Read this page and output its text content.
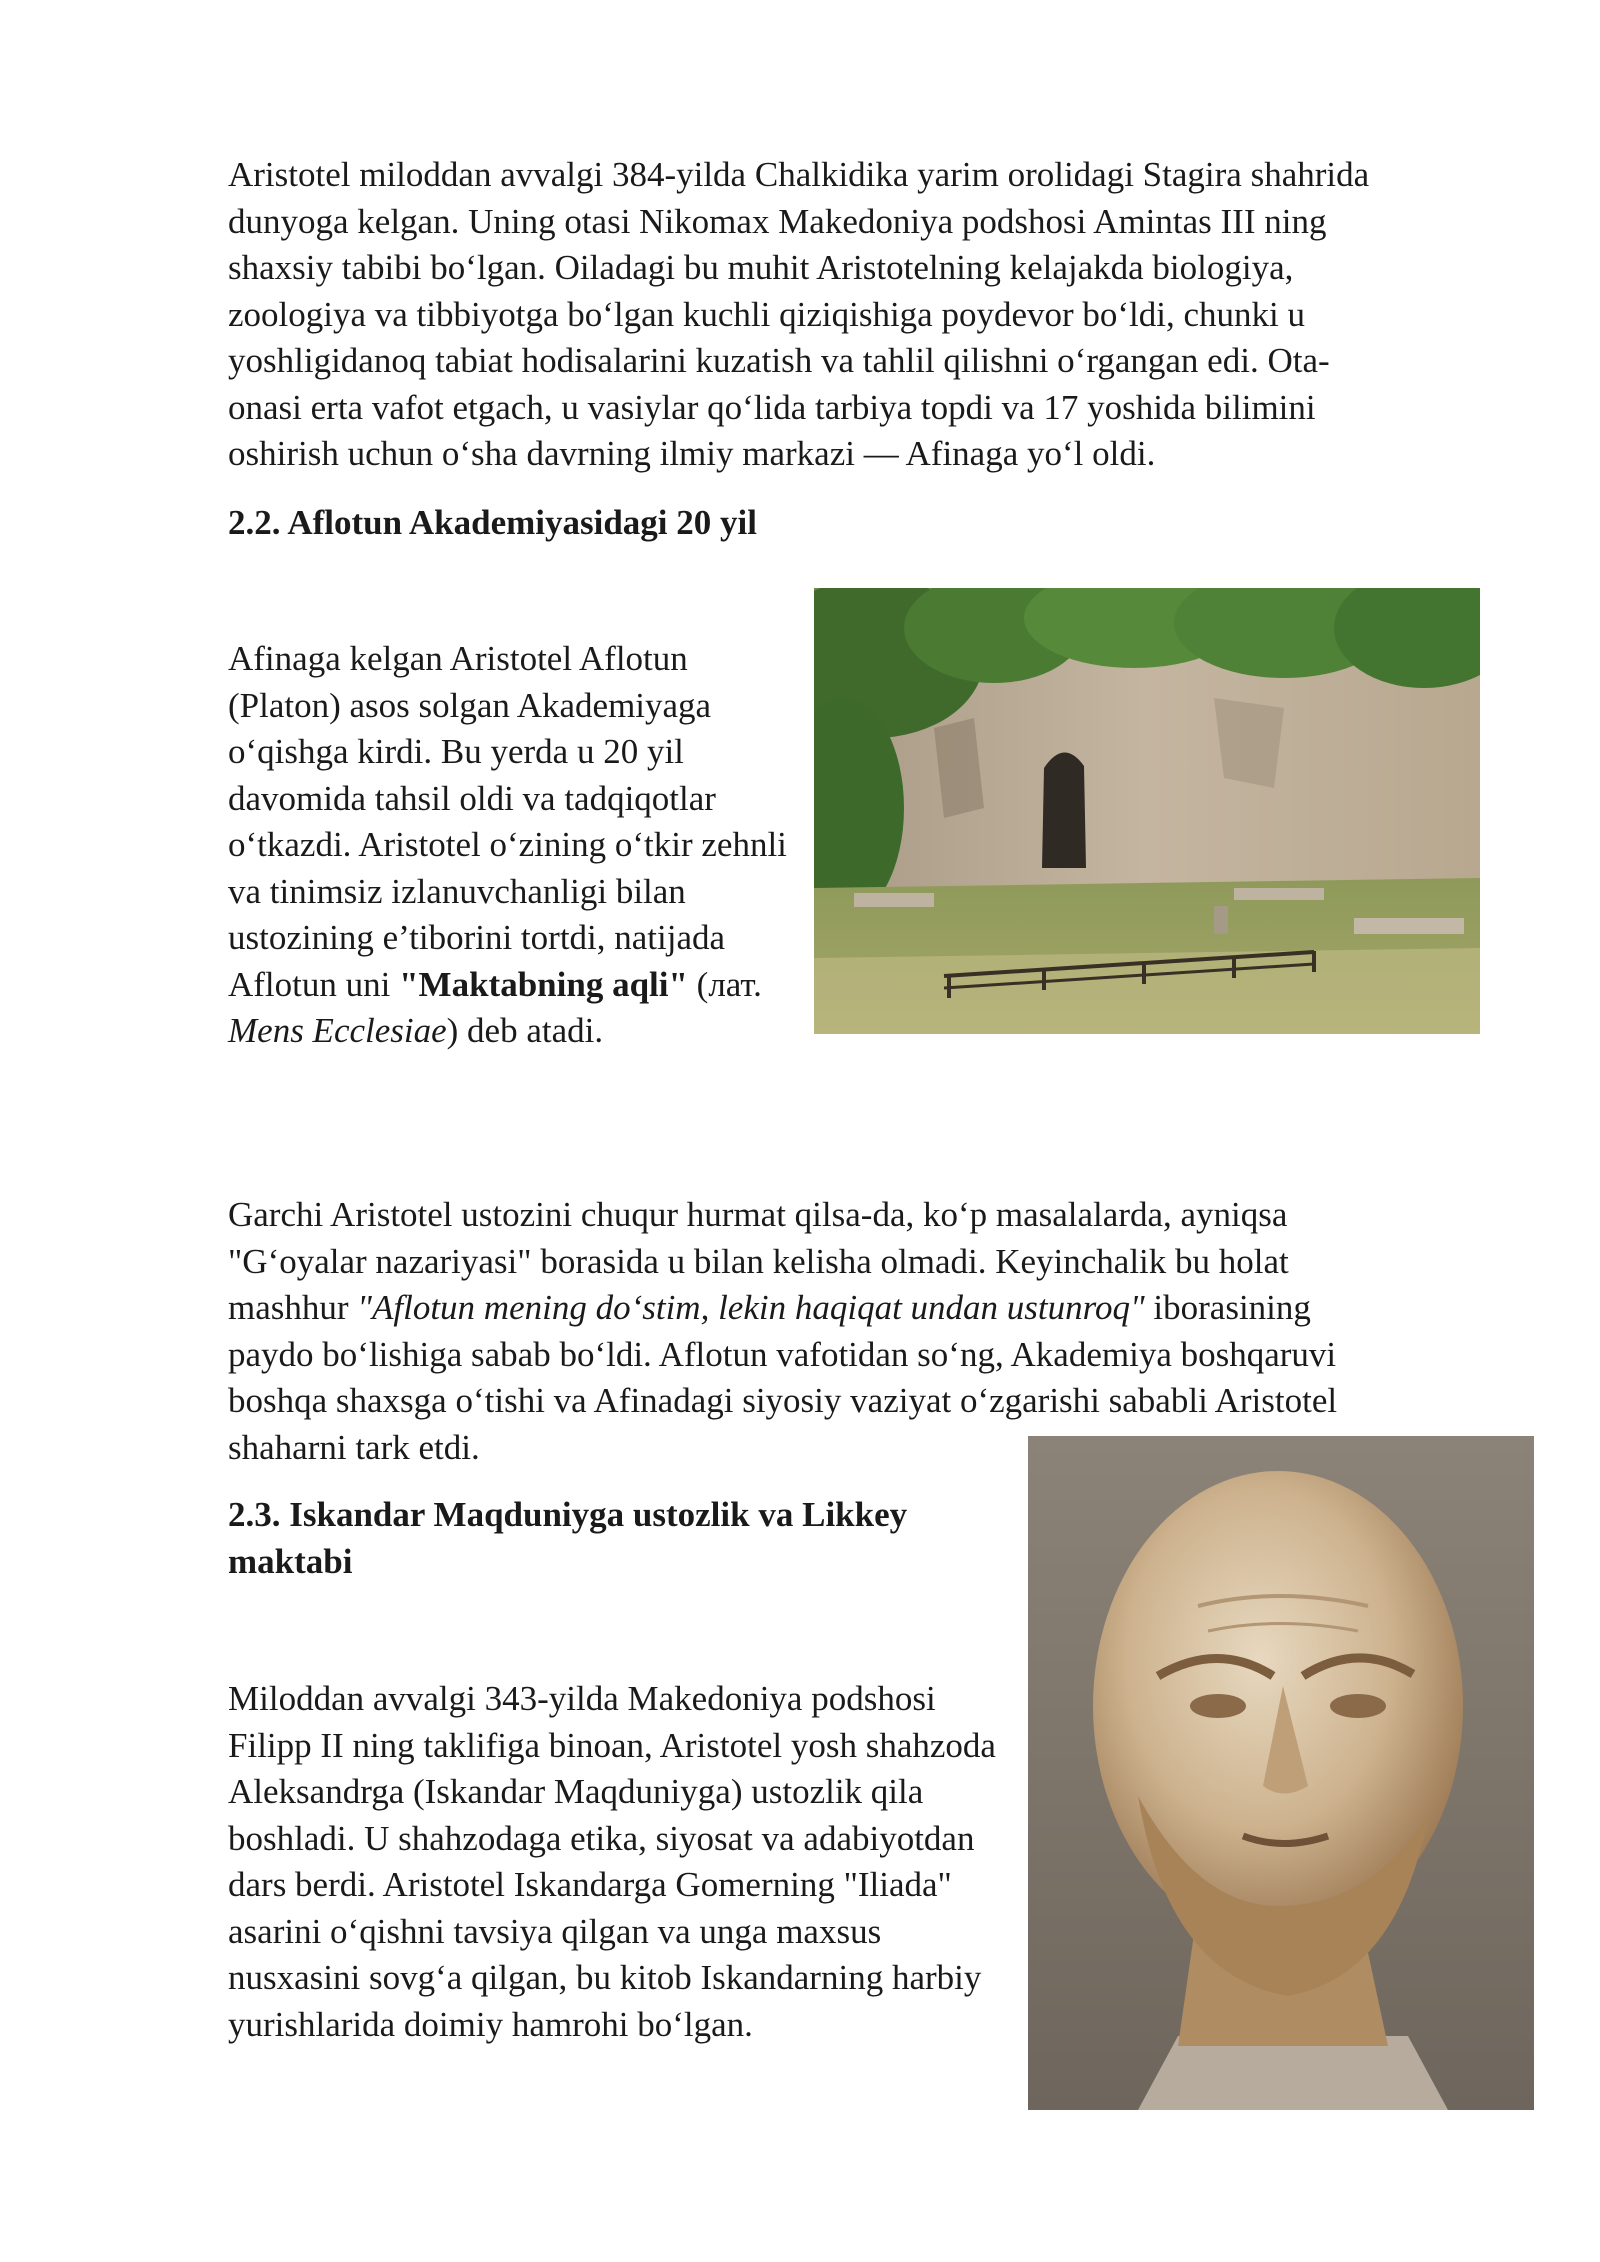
Aristotel miloddan avvalgi 384-yilda Chalkidika yarim orolidagi Stagira shahrida
dunyoga kelgan. Uning otasi Nikomax Makedoniya podshosi Amintas III ning
shaxsiy tabibi bo‘lgan. Oiladagi bu muhit Aristotelning kelajakda biologiya,
zoologiya va tibbiyotga bo‘lgan kuchli qiziqishiga poydevor bo‘ldi, chunki u
yoshligidanoq tabiat hodisalarini kuzatish va tahlil qilishni o‘rgangan edi. Ota-
onasi erta vafot etgach, u vasiylar qo‘lida tarbiya topdi va 17 yoshida bilimini
oshirish uchun o‘sha davrning ilmiy markazi — Afinaga yo‘l oldi.

2.2. Aflotun Akademiyasidagi 20 yil

Afinaga kelgan Aristotel Aflotun (Platon) asos solgan Akademiyaga o‘qishga kirdi. Bu yerda u 20 yil davomida tahsil oldi va tadqiqotlar o‘tkazdi. Aristotel o‘zining o‘tkir zehnli va tinimsiz izlanuvchanligi bilan ustozining e’tiborini tortdi, natijada Aflotun uni "Maktabning aqli" (лат. Mens Ecclesiae) deb atadi.

Garchi Aristotel ustozini chuqur hurmat qilsa-da, ko‘p masalalarda, ayniqsa
"G‘oyalar nazariyasi" borasida u bilan kelisha olmadi. Keyinchalik bu holat
mashhur "Aflotun mening do‘stim, lekin haqiqat undan ustunroq" iborasining
paydo bo‘lishiga sabab bo‘ldi. Aflotun vafotidan so‘ng, Akademiya boshqaruvi
boshqa shaxsga o‘tishi va Afinadagi siyosiy vaziyat o‘zgarishi sababli Aristotel
shaharni tark etdi.

2.3. Iskandar Maqduniyga ustozlik va Likkey maktabi

Miloddan avvalgi 343-yilda Makedoniya podshosi Filipp II ning taklifiga binoan, Aristotel yosh shahzoda Aleksandrga (Iskandar Maqduniyga) ustozlik qila boshladi. U shahzodaga etika, siyosat va adabiyotdan dars berdi. Aristotel Iskandarga Gomerning "Iliada" asarini o‘qishni tavsiya qilgan va unga maxsus nusxasini sovg‘a qilgan, bu kitob Iskandarning harbiy yurishlarida doimiy hamrohi bo‘lgan.
